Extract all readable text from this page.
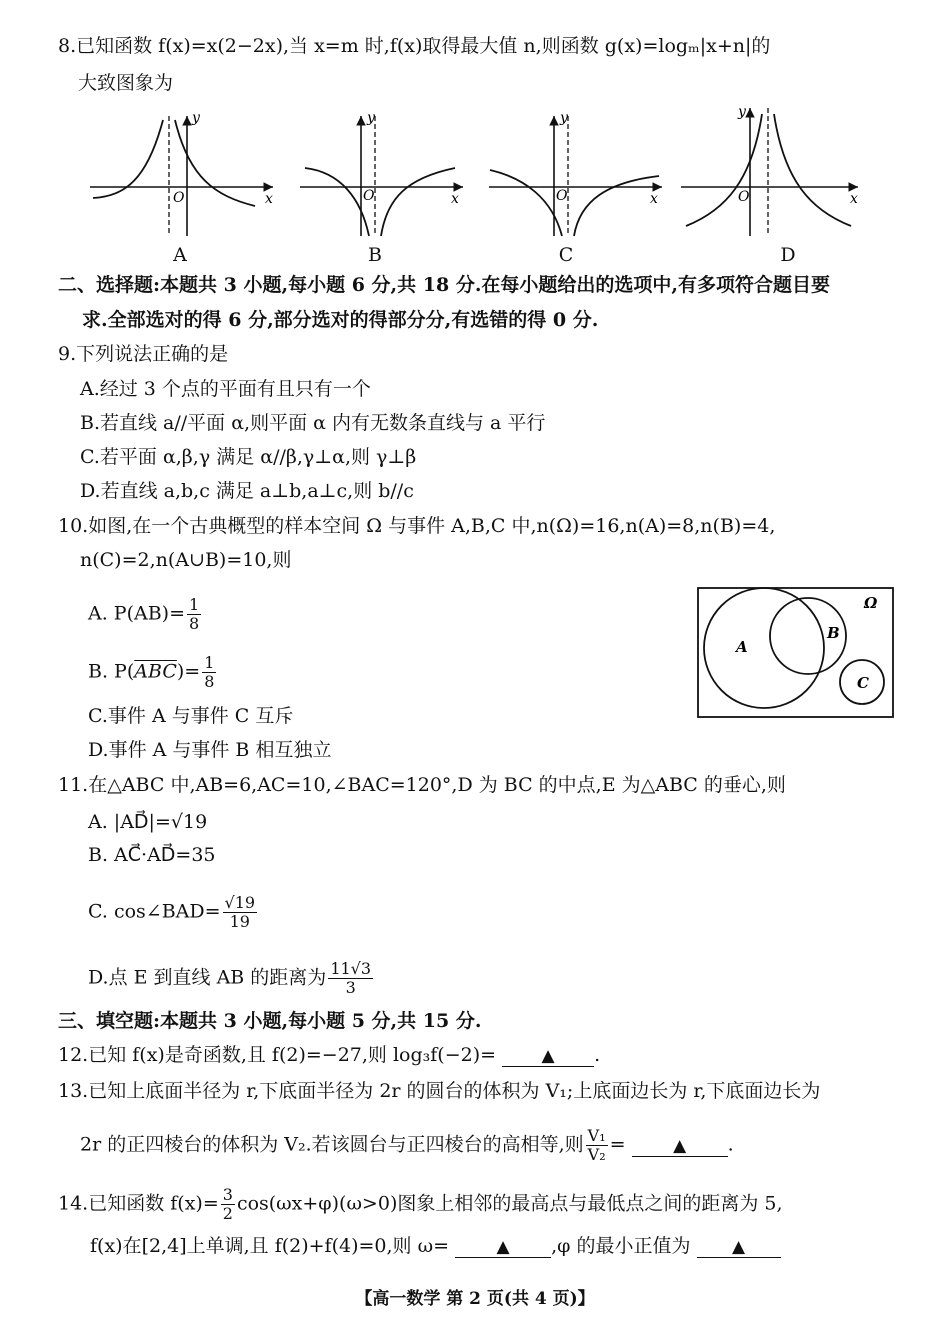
8.已知函数 f(x)=x(2−2x),当 x=m 时,f(x)取得最大值 n,则函数 g(x)=logₘ|x+n|的
大致图象为
x
y
O
A
x
y
O
B
x
y
O
C
x
y
O
D
二、选择题:本题共 3 小题,每小题 6 分,共 18 分.在每小题给出的选项中,有多项符合题目要
求.全部选对的得 6 分,部分选对的得部分分,有选错的得 0 分.
9.下列说法正确的是
A.经过 3 个点的平面有且只有一个
B.若直线 a//平面 α,则平面 α 内有无数条直线与 a 平行
C.若平面 α,β,γ 满足 α//β,γ⊥α,则 γ⊥β
D.若直线 a,b,c 满足 a⊥b,a⊥c,则 b//c
10.如图,在一个古典概型的样本空间 Ω 与事件 A,B,C 中,n(Ω)=16,n(A)=8,n(B)=4,
n(C)=2,n(A∪B)=10,则
A. $P(AB)= \frac{1}{8}$
B. $P(\overline{A}\overline{B}\overline{C})= \frac{1}{8}$
C.事件 A 与事件 C 互斥
D.事件 A 与事件 B 相互独立
Ω
A
B
C
11.在△ABC 中,AB=6,AC=10,∠BAC=120°,D 为 BC 的中点,E 为△ABC 的垂心,则
A. |AD⃗|=√19
B. AC⃗·AD⃗=35
C. cos∠BAD= $\frac{√19}{19}$
D.点 E 到直线 AB 的距离为 $\frac{11√3}{3}$
三、填空题:本题共 3 小题,每小题 5 分,共 15 分.
12.已知 f(x)是奇函数,且 f(2)=−27,则 log₃f(−2)=	▲ .
13.已知上底面半径为 r,下底面半径为 2r 的圆台的体积为 V₁;上底面边长为 r,下底面边长为
2r 的正四棱台的体积为 V₂.若该圆台与正四棱台的高相等,则 $\frac{\text{V₁}}{\text{V₂}}$ =	▲ .
14.已知函数 $f(x)= \frac{3}{2} \cos(\omega x+\varphi)(\omega>0)$图象上相邻的最高点与最低点之间的距离为 5,
f(x)在[2,4]上单调,且 f(2)+f(4)=0,则 ω=	▲ ,φ 的最小正值为 ▲
【高一数学 第 2 页(共 4 页)】
